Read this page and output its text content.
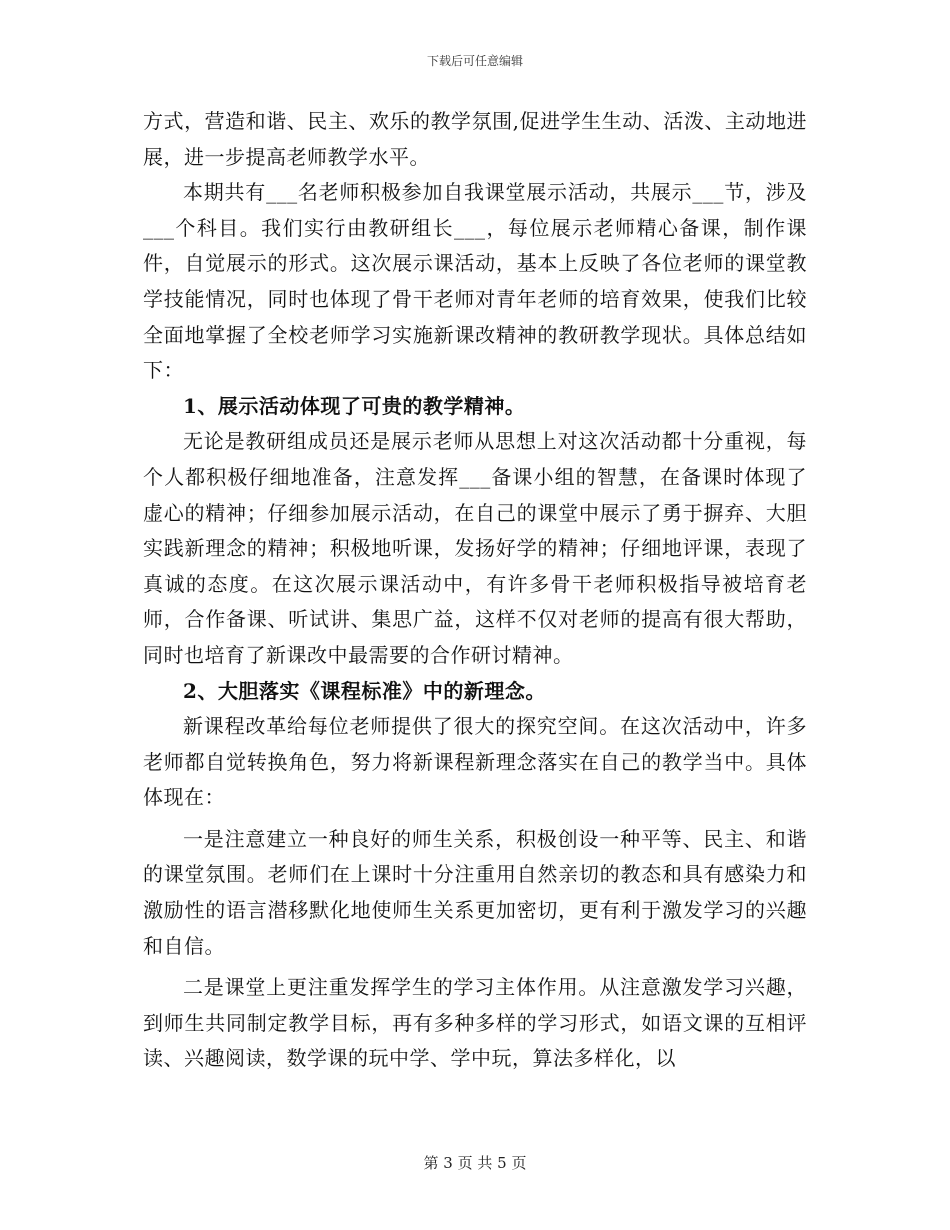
下载后可任意编辑

方式，营造和谐、民主、欢乐的教学氛围,促进学生生动、活泼、主动地进展，进一步提高老师教学水平。

本期共有___名老师积极参加自我课堂展示活动，共展示___节，涉及___个科目。我们实行由教研组长___，每位展示老师精心备课，制作课件，自觉展示的形式。这次展示课活动，基本上反映了各位老师的课堂教学技能情况，同时也体现了骨干老师对青年老师的培育效果，使我们比较全面地掌握了全校老师学习实施新课改精神的教研教学现状。具体总结如下：

1、展示活动体现了可贵的教学精神。

无论是教研组成员还是展示老师从思想上对这次活动都十分重视，每个人都积极仔细地准备，注意发挥___备课小组的智慧，在备课时体现了虚心的精神；仔细参加展示活动，在自己的课堂中展示了勇于摒弃、大胆实践新理念的精神；积极地听课，发扬好学的精神；仔细地评课，表现了真诚的态度。在这次展示课活动中，有许多骨干老师积极指导被培育老师，合作备课、听试讲、集思广益，这样不仅对老师的提高有很大帮助，同时也培育了新课改中最需要的合作研讨精神。

2、大胆落实《课程标准》中的新理念。

新课程改革给每位老师提供了很大的探究空间。在这次活动中，许多老师都自觉转换角色，努力将新课程新理念落实在自己的教学当中。具体体现在：

一是注意建立一种良好的师生关系，积极创设一种平等、民主、和谐的课堂氛围。老师们在上课时十分注重用自然亲切的教态和具有感染力和激励性的语言潜移默化地使师生关系更加密切，更有利于激发学习的兴趣和自信。

二是课堂上更注重发挥学生的学习主体作用。从注意激发学习兴趣，到师生共同制定教学目标，再有多种多样的学习形式，如语文课的互相评读、兴趣阅读，数学课的玩中学、学中玩，算法多样化，以

第 3 页 共 5 页
